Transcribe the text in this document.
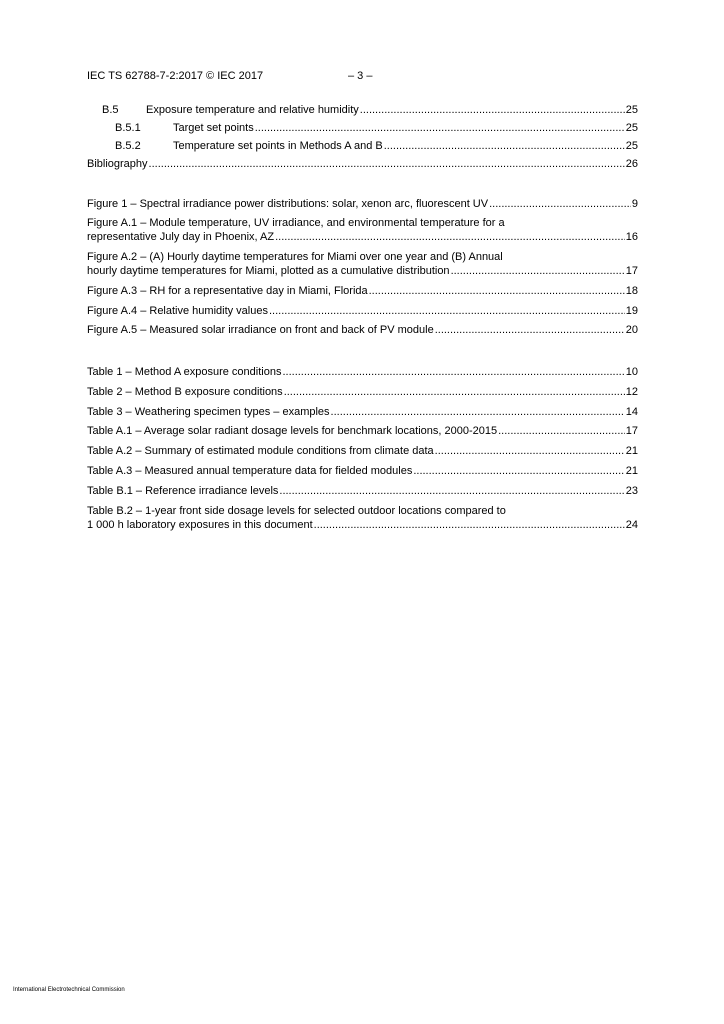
IEC TS 62788-7-2:2017 © IEC 2017	– 3 –
B.5	Exposure temperature and relative humidity .....	25
B.5.1	Target set points .....	25
B.5.2	Temperature set points in Methods A and B .....	25
Bibliography .....	26
Figure 1 – Spectral irradiance power distributions: solar, xenon arc, fluorescent UV .....	9
Figure A.1 – Module temperature, UV irradiance, and environmental temperature for a
representative July day in Phoenix, AZ .....	16
Figure A.2 – (A) Hourly daytime temperatures for Miami over one year and (B) Annual
hourly daytime temperatures for Miami, plotted as a cumulative distribution .....	17
Figure A.3 – RH for a representative day in Miami, Florida .....	18
Figure A.4 – Relative humidity values .....	19
Figure A.5 – Measured solar irradiance on front and back of PV module .....	20
Table 1 – Method A exposure conditions .....	10
Table 2 – Method B exposure conditions .....	12
Table 3 – Weathering specimen types – examples .....	14
Table A.1 – Average solar radiant dosage levels for benchmark locations, 2000-2015 .....	17
Table A.2 – Summary of estimated module conditions from climate data .....	21
Table A.3 – Measured annual temperature data for fielded modules .....	21
Table B.1 – Reference irradiance levels .....	23
Table B.2 – 1-year front side dosage levels for selected outdoor locations compared to
1 000 h laboratory exposures in this document .....	24
International Electrotechnical Commission
